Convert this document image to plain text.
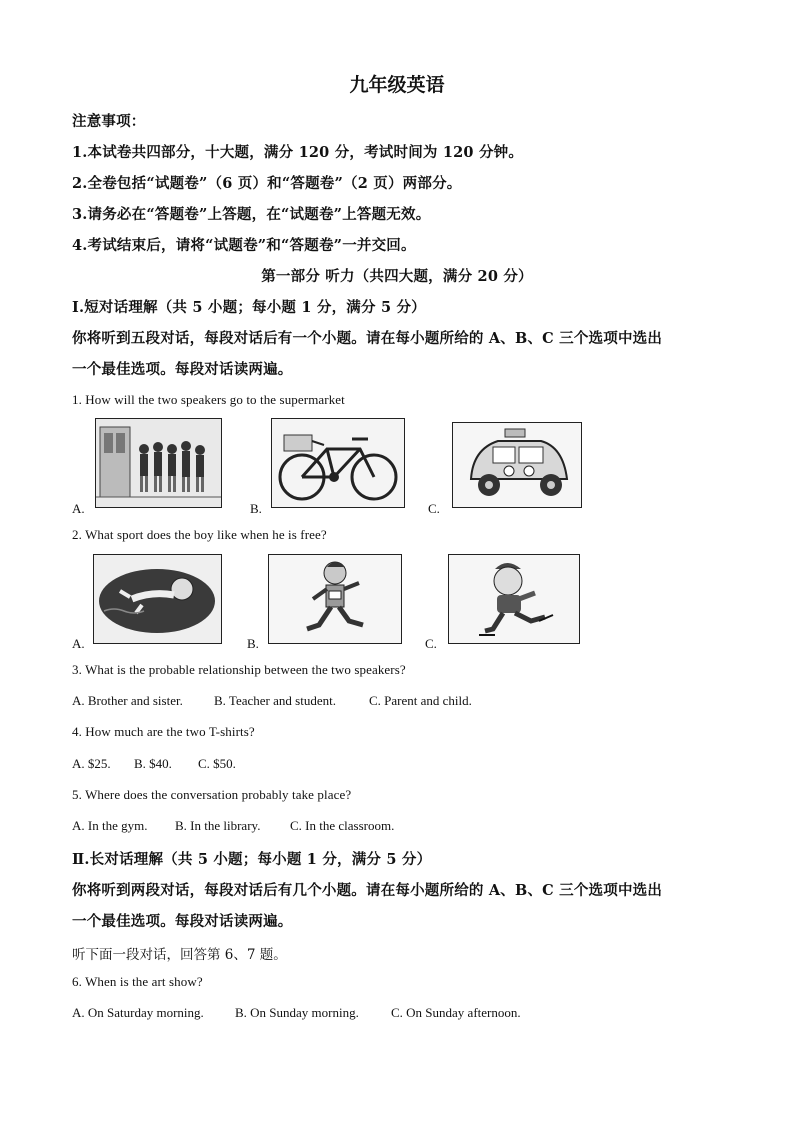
九年级英语
注意事项：
1.本试卷共四部分，十大题，满分 120 分，考试时间为 120 分钟。
2.全卷包括“试题卷”（6 页）和“答题卷”（2 页）两部分。
3.请务必在“答题卷”上答题，在“试题卷”上答题无效。
4.考试结束后，请将“试题卷”和“答题卷”一并交回。
第一部分 听力（共四大题，满分 20 分）
Ⅰ.短对话理解（共 5 小题；每小题 1 分，满分 5 分）
你将听到五段对话，每段对话后有一个小题。请在每小题所给的 A、B、C 三个选项中选出
一个最佳选项。每段对话读两遍。
1. How will the two speakers go to the supermarket
A.	B.	C.
2. What sport does the boy like when he is free?
A.	B.	C.
3. What is the probable relationship between the two speakers?
A. Brother and sister. B. Teacher and student.	C. Parent and child.
4. How much are the two T-shirts?
A. $25. B. $40. C. $50.
5. Where does the conversation probably take place?
A. In the gym. B. In the library. C. In the classroom.
Ⅱ.长对话理解（共 5 小题；每小题 1 分，满分 5 分）
你将听到两段对话，每段对话后有几个小题。请在每小题所给的 A、B、C 三个选项中选出
一个最佳选项。每段对话读两遍。
听下面一段对话，回答第 6、7 题。
6. When is the art show?
A. On Saturday morning. B. On Sunday morning. C. On Sunday afternoon.
